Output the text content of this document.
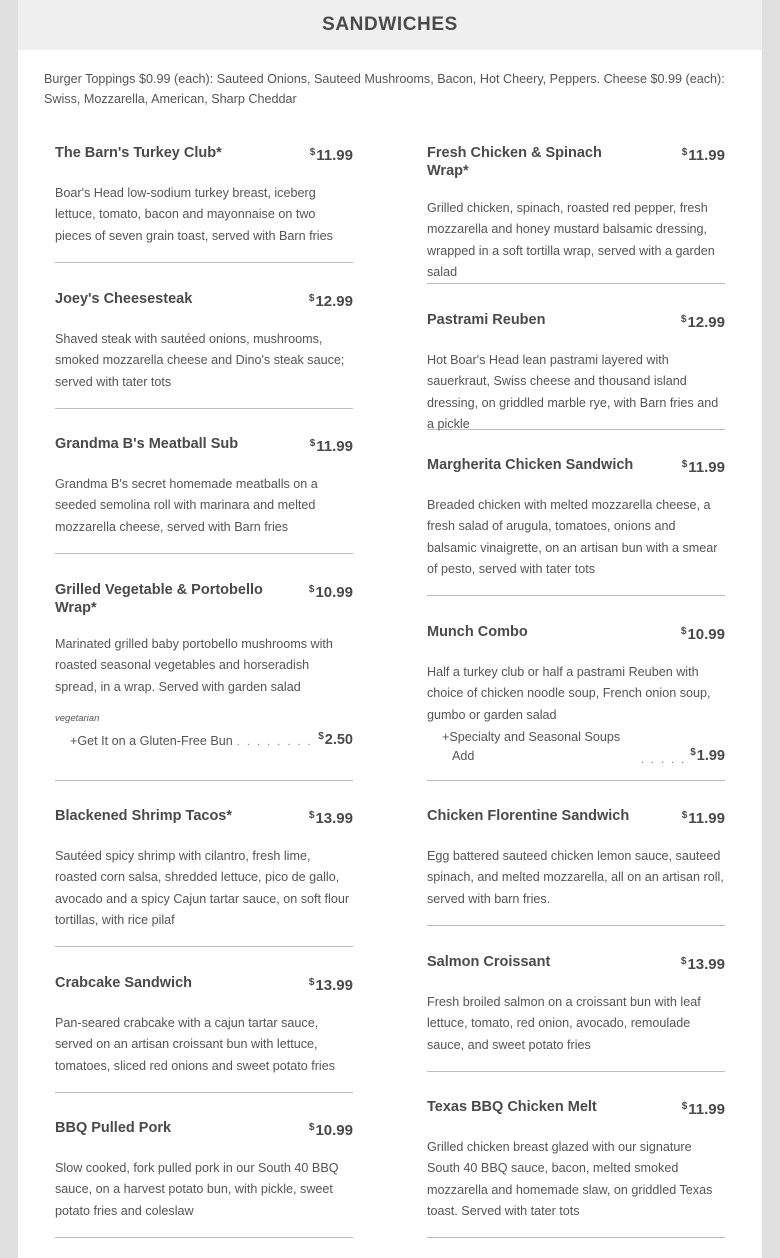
SANDWICHES

Burger Toppings $0.99 (each): Sauteed Onions, Sauteed Mushrooms, Bacon, Hot Cheery, Peppers. Cheese $0.99 (each): Swiss, Mozzarella, American, Sharp Cheddar

The Barn's Turkey Club*	$11.99
Boar's Head low-sodium turkey breast, iceberg lettuce, tomato, bacon and mayonnaise on two pieces of seven grain toast, served with Barn fries
Joey's Cheesesteak	$12.99
Shaved steak with sautéed onions, mushrooms, smoked mozzarella cheese and Dino's steak sauce; served with tater tots
Grandma B's Meatball Sub	$11.99
Grandma B's secret homemade meatballs on a seeded semolina roll with marinara and melted mozzarella cheese, served with Barn fries
Grilled Vegetable & Portobello Wrap*
$10.99
Marinated grilled baby portobello mushrooms with roasted seasonal vegetables and horseradish spread, in a wrap. Served with garden salad
vegetarian
+Get It on a Gluten-Free Bun . . . . . . . . $2.50
Blackened Shrimp Tacos*	$13.99
Sautéed spicy shrimp with cilantro, fresh lime, roasted corn salsa, shredded lettuce, pico de gallo, avocado and a spicy Cajun tartar sauce, on soft flour tortillas, with rice pilaf
Crabcake Sandwich	$13.99
Pan-seared crabcake with a cajun tartar sauce, served on an artisan croissant bun with lettuce, tomatoes, sliced red onions and sweet potato fries
BBQ Pulled Pork	$10.99
Slow cooked, fork pulled pork in our South 40 BBQ sauce, on a harvest potato bun, with pickle, sweet potato fries and coleslaw
Fresh Chicken & Spinach Wrap*
$11.99
Grilled chicken, spinach, roasted red pepper, fresh mozzarella and honey mustard balsamic dressing, wrapped in a soft tortilla wrap, served with a garden salad
Pastrami Reuben	$12.99
Hot Boar's Head lean pastrami layered with sauerkraut, Swiss cheese and thousand island dressing, on griddled marble rye, with Barn fries and a pickle
Margherita Chicken Sandwich	$11.99
Breaded chicken with melted mozzarella cheese, a fresh salad of arugula, tomatoes, onions and balsamic vinaigrette, on an artisan bun with a smear of pesto, served with tater tots
Munch Combo	$10.99
Half a turkey club or half a pastrami Reuben with choice of chicken noodle soup, French onion soup, gumbo or garden salad
+Specialty and Seasonal Soups
Add	. . . . .
$1.99
Chicken Florentine Sandwich	$11.99
Egg battered sauteed chicken lemon sauce, sauteed spinach, and melted mozzarella, all on an artisan roll, served with barn fries.
Salmon Croissant	$13.99
Fresh broiled salmon on a croissant bun with leaf lettuce, tomato, red onion, avocado, remoulade sauce, and sweet potato fries
Texas BBQ Chicken Melt	$11.99
Grilled chicken breast glazed with our signature South 40 BBQ sauce, bacon, melted smoked mozzarella and homemade slaw, on griddled Texas toast. Served with tater tots
